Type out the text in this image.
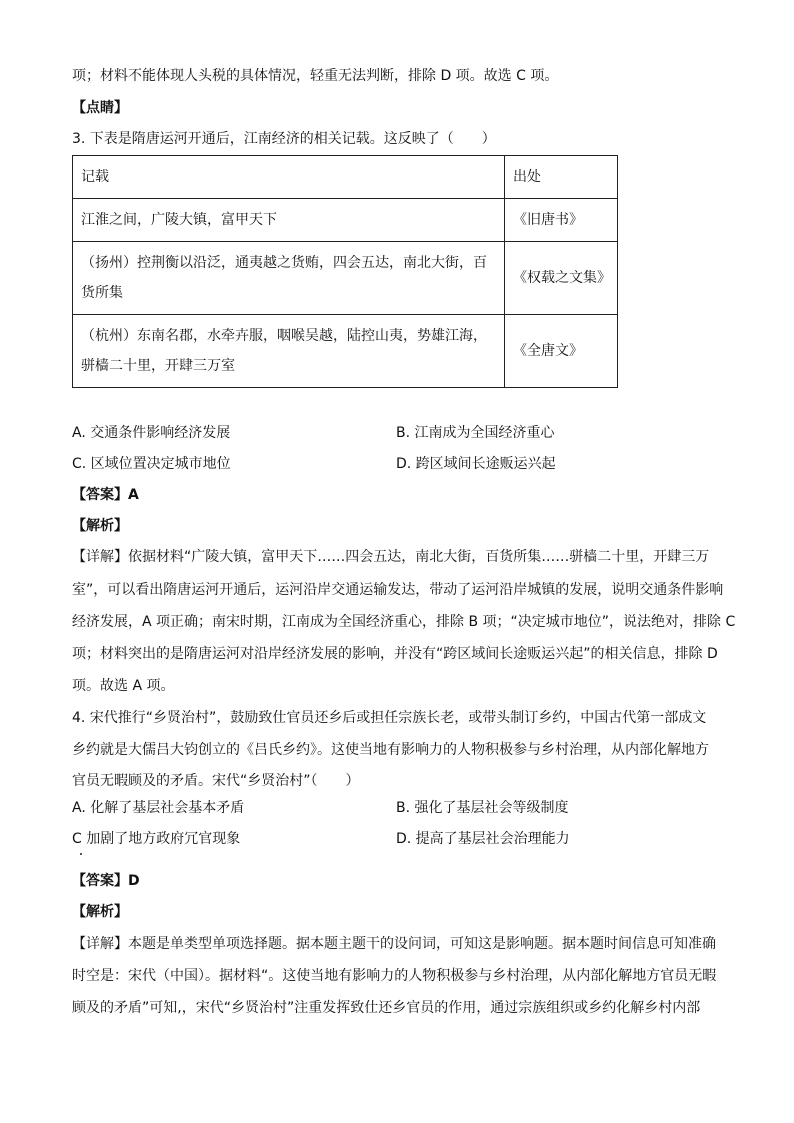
项；材料不能体现人头税的具体情况，轻重无法判断，排除 D 项。故选 C 项。
【点睛】
3. 下表是隋唐运河开通后，江南经济的相关记载。这反映了（　　）
记载	出处
江淮之间，广陵大镇，富甲天下	《旧唐书》
（扬州）控荆衡以沿泛，通夷越之货贿，四会五达，南北大街，百货所集	《权载之文集》
（杭州）东南名郡，水牵卉服，咽喉吴越，陆控山夷，势雄江海，骈樯二十里，开肆三万室	《全唐文》
A. 交通条件影响经济发展	B. 江南成为全国经济重心
C. 区域位置决定城市地位	D. 跨区域间长途贩运兴起
【答案】A
【解析】
【详解】依据材料“广陵大镇，富甲天下……四会五达，南北大街，百货所集……骈樯二十里，开肆三万
室”，可以看出隋唐运河开通后，运河沿岸交通运输发达，带动了运河沿岸城镇的发展，说明交通条件影响
经济发展，A 项正确；南宋时期，江南成为全国经济重心，排除 B 项；“决定城市地位”，说法绝对，排除 C
项；材料突出的是隋唐运河对沿岸经济发展的影响，并没有“跨区域间长途贩运兴起”的相关信息，排除 D
项。故选 A 项。
4. 宋代推行“乡贤治村”，鼓励致仕官员还乡后或担任宗族长老，或带头制订乡约，中国古代第一部成文
乡约就是大儒吕大钧创立的《吕氏乡约》。这使当地有影响力的人物积极参与乡村治理，从内部化解地方
官员无暇顾及的矛盾。宋代“乡贤治村”（　　）
A. 化解了基层社会基本矛盾	B. 强化了基层社会等级制度
C 加剧了地方政府冗官现象	D. 提高了基层社会治理能力
【答案】D
【解析】
【详解】本题是单类型单项选择题。据本题主题干的设问词，可知这是影响题。据本题时间信息可知准确
时空是：宋代（中国）。据材料“。这使当地有影响力的人物积极参与乡村治理，从内部化解地方官员无暇
顾及的矛盾”可知,，宋代“乡贤治村”注重发挥致仕还乡官员的作用，通过宗族组织或乡约化解乡村内部
